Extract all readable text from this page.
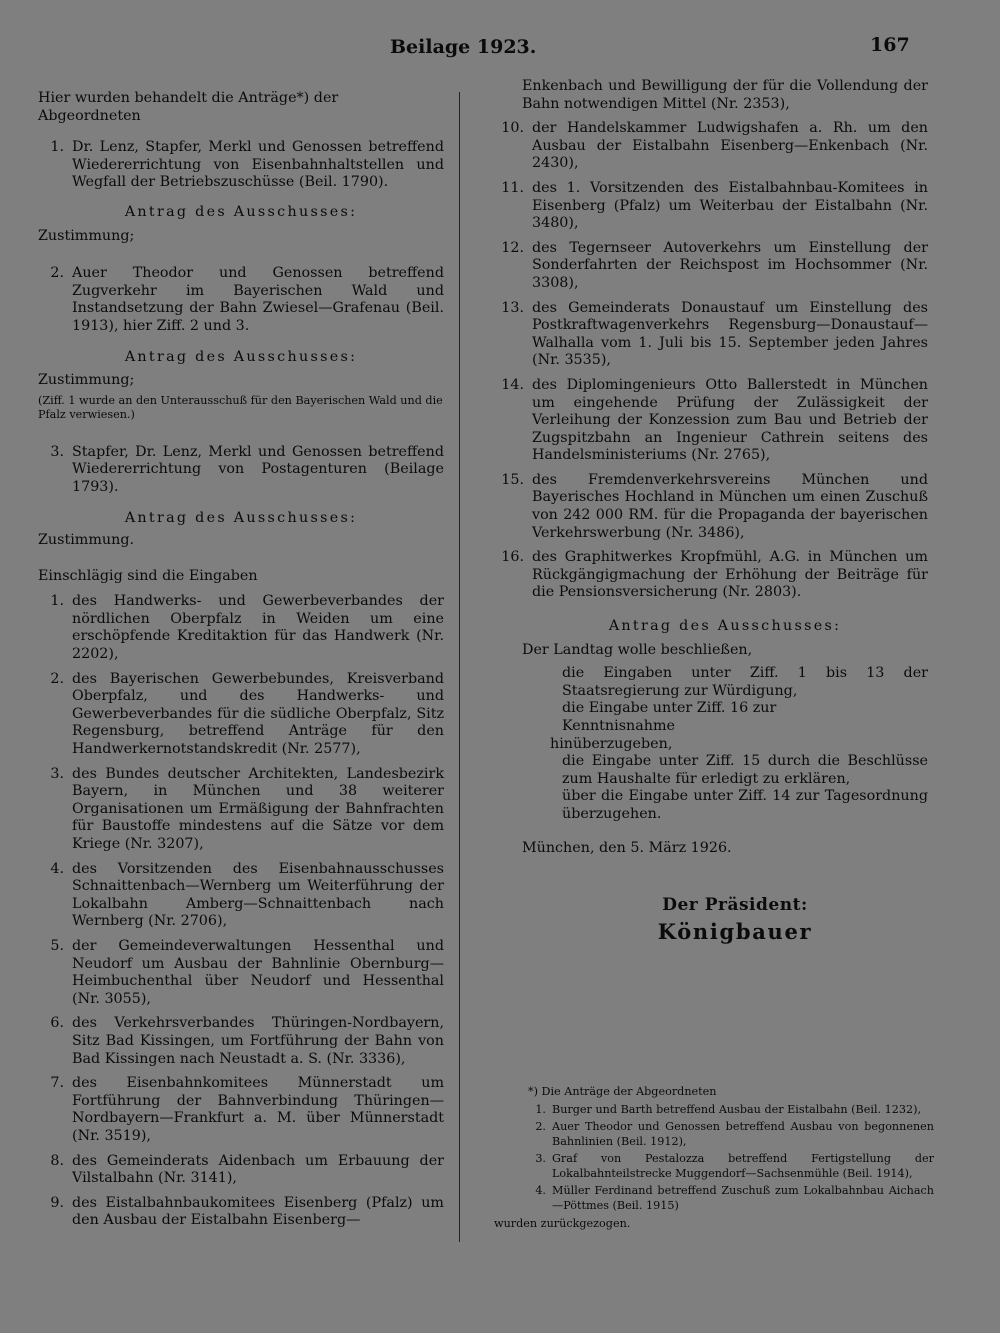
Beilage 1923.	167

Hier wurden behandelt die Anträge*) der Abgeordneten

1. Dr. Lenz, Stapfer, Merkl und Genossen betreffend Wiedererrichtung von Eisenbahnhaltstellen und Wegfall der Betriebszuschüsse (Beil. 1790).

Antrag des Ausschusses:

Zustimmung;

2. Auer Theodor und Genossen betreffend Zugverkehr im Bayerischen Wald und Instandsetzung der Bahn Zwiesel—Grafenau (Beil. 1913), hier Ziff. 2 und 3.

Antrag des Ausschusses:

Zustimmung;

(Ziff. 1 wurde an den Unterausschuß für den Bayerischen Wald und die Pfalz verwiesen.)

3. Stapfer, Dr. Lenz, Merkl und Genossen betreffend Wiedererrichtung von Postagenturen (Beilage 1793).

Antrag des Ausschusses:

Zustimmung.

Einschlägig sind die Eingaben

1. des Handwerks- und Gewerbeverbandes der nördlichen Oberpfalz in Weiden um eine erschöpfende Kreditaktion für das Handwerk (Nr. 2202),
2. des Bayerischen Gewerbebundes, Kreisverband Oberpfalz, und des Handwerks- und Gewerbeverbandes für die südliche Oberpfalz, Sitz Regensburg, betreffend Anträge für den Handwerkernotstandskredit (Nr. 2577),
3. des Bundes deutscher Architekten, Landesbezirk Bayern, in München und 38 weiterer Organisationen um Ermäßigung der Bahnfrachten für Baustoffe mindestens auf die Sätze vor dem Kriege (Nr. 3207),
4. des Vorsitzenden des Eisenbahnausschusses Schnaittenbach—Wernberg um Weiterführung der Lokalbahn Amberg—Schnaittenbach nach Wernberg (Nr. 2706),
5. der Gemeindeverwaltungen Hessenthal und Neudorf um Ausbau der Bahnlinie Obernburg—Heimbuchenthal über Neudorf und Hessenthal (Nr. 3055),
6. des Verkehrsverbandes Thüringen-Nordbayern, Sitz Bad Kissingen, um Fortführung der Bahn von Bad Kissingen nach Neustadt a. S. (Nr. 3336),
7. des Eisenbahnkomitees Münnerstadt um Fortführung der Bahnverbindung Thüringen—Nordbayern—Frankfurt a. M. über Münnerstadt (Nr. 3519),
8. des Gemeinderats Aidenbach um Erbauung der Vilstalbahn (Nr. 3141),
9. des Eistalbahnbaukomitees Eisenberg (Pfalz) um den Ausbau der Eistalbahn Eisenberg—

Enkenbach und Bewilligung der für die Vollendung der Bahn notwendigen Mittel (Nr. 2353),

10. der Handelskammer Ludwigshafen a. Rh. um den Ausbau der Eistalbahn Eisenberg—Enkenbach (Nr. 2430),
11. des 1. Vorsitzenden des Eistalbahnbau-Komitees in Eisenberg (Pfalz) um Weiterbau der Eistalbahn (Nr. 3480),
12. des Tegernseer Autoverkehrs um Einstellung der Sonderfahrten der Reichspost im Hochsommer (Nr. 3308),
13. des Gemeinderats Donaustauf um Einstellung des Postkraftwagenverkehrs Regensburg—Donaustauf—Walhalla vom 1. Juli bis 15. September jeden Jahres (Nr. 3535),
14. des Diplomingenieurs Otto Ballerstedt in München um eingehende Prüfung der Zulässigkeit der Verleihung der Konzession zum Bau und Betrieb der Zugspitzbahn an Ingenieur Cathrein seitens des Handelsministeriums (Nr. 2765),
15. des Fremdenverkehrsvereins München und Bayerisches Hochland in München um einen Zuschuß von 242 000 RM. für die Propaganda der bayerischen Verkehrswerbung (Nr. 3486),
16. des Graphitwerkes Kropfmühl, A.G. in München um Rückgängigmachung der Erhöhung der Beiträge für die Pensionsversicherung (Nr. 2803).

Antrag des Ausschusses:

Der Landtag wolle beschließen,

die Eingaben unter Ziff. 1 bis 13 der Staatsregierung zur Würdigung,

die Eingabe unter Ziff. 16 zur Kenntnisnahme

hinüberzugeben,

die Eingabe unter Ziff. 15 durch die Beschlüsse zum Haushalte für erledigt zu erklären,

über die Eingabe unter Ziff. 14 zur Tagesordnung überzugehen.

München, den 5. März 1926.

Der Präsident:

Königbauer

*) Die Anträge der Abgeordneten

1. Burger und Barth betreffend Ausbau der Eistalbahn (Beil. 1232),
2. Auer Theodor und Genossen betreffend Ausbau von begonnenen Bahnlinien (Beil. 1912),
3. Graf von Pestalozza betreffend Fertigstellung der Lokalbahnteilstrecke Muggendorf—Sachsenmühle (Beil. 1914),
4. Müller Ferdinand betreffend Zuschuß zum Lokalbahnbau Aichach—Pöttmes (Beil. 1915)

wurden zurückgezogen.
